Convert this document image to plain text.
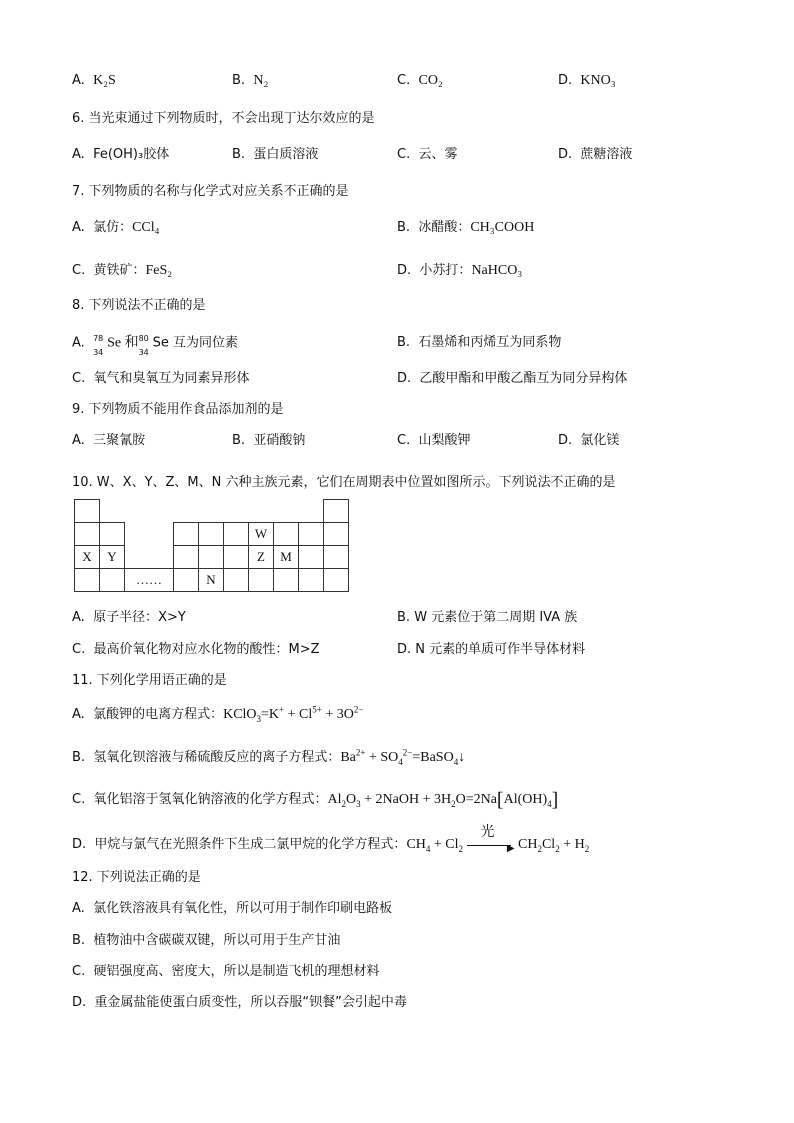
A. K₂S	B. N₂	C. CO₂	D. KNO₃
6. 当光束通过下列物质时，不会出现丁达尔效应的是
A. Fe(OH)₃胶体	B. 蛋白质溶液	C. 云、雾	D. 蔗糖溶液
7. 下列物质的名称与化学式对应关系不正确的是
A. 氯仿：CCl₄	B. 冰醋酸：CH₃COOH
C. 黄铁矿：FeS₂	D. 小苏打：NaHCO₃
8. 下列说法不正确的是
A. 78
34
Se 和 80
34
Se 互为同位素	B. 石墨烯和丙烯互为同系物
C. 氧气和臭氧互为同素异形体	D. 乙酸甲酯和甲酸乙酯互为同分异构体
9. 下列物质不能用作食品添加剂的是
A. 三聚氰胺	B. 亚硝酸钠	C. 山梨酸钾	D. 氯化镁
10. W、X、Y、Z、M、N 六种主族元素，它们在周期表中位置如图所示。下列说法不正确的是

							W			
X	Y						Z	M		
		……			N					
A. 原子半径：X>Y	B. W 元素位于第二周期 IVA 族
C. 最高价氧化物对应水化物的酸性：M>Z	D. N 元素的单质可作半导体材料
11. 下列化学用语正确的是
A. 氯酸钾的电离方程式：KClO$_3$=K+ + $Cl^{5+} + 3O^{2-}$
B. 氢氧化钡溶液与稀硫酸反应的离子方程式：$Ba^{2+}$ + $SO_4^{2-}=BaSO_4↓$
C. 氧化铝溶于氢氧化钠溶液的化学方程式：$Al_2O_3$ + 2NaOH + $3H_2O=2Na[Al(OH)_4]$
D. 甲烷与氯气在光照条件下生成二氯甲烷的化学方程式：$CH_4 + Cl_2$
光
▶ $CH_2Cl_2 + H_2$
12. 下列说法正确的是
A. 氯化铁溶液具有氧化性，所以可用于制作印刷电路板
B. 植物油中含碳碳双键，所以可用于生产甘油
C. 硬铝强度高、密度大，所以是制造飞机的理想材料
D. 重金属盐能使蛋白质变性，所以吞服“钡餐”会引起中毒
